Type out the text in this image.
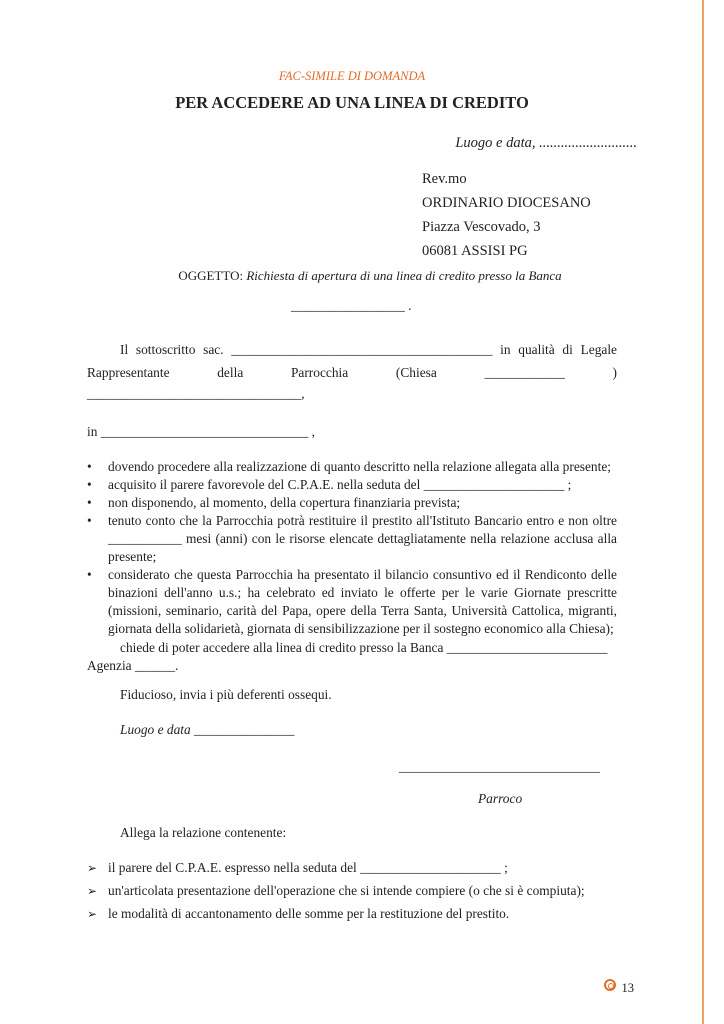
FAC-SIMILE DI DOMANDA
PER ACCEDERE AD UNA LINEA DI CREDITO
Luogo e data, ...........................
Rev.mo
ORDINARIO DIOCESANO
Piazza Vescovado, 3
06081 ASSISI PG
OGGETTO: Richiesta di apertura di una linea di credito presso la Banca
_________________ .
Il sottoscritto sac. _______________________________________ in qualità di Legale
Rappresentante della Parrocchia (Chiesa ____________ )
________________________________,
in _______________________________ ,
• dovendo procedere alla realizzazione di quanto descritto nella relazione allegata alla presente;
• acquisito il parere favorevole del C.P.A.E. nella seduta del _____________________ ;
• non disponendo, al momento, della copertura finanziaria prevista;
• tenuto conto che la Parrocchia potrà restituire il prestito all'Istituto Bancario entro e non oltre ___________ mesi (anni) con le risorse elencate dettagliatamente nella relazione acclusa alla presente;
• considerato che questa Parrocchia ha presentato il bilancio consuntivo ed il Rendiconto delle binazioni dell'anno u.s.; ha celebrato ed inviato le offerte per le varie Giornate prescritte (missioni, seminario, carità del Papa, opere della Terra Santa, Università Cattolica, migranti, giornata della solidarietà, giornata di sensibilizzazione per il sostegno economico alla Chiesa);
chiede di poter accedere alla linea di credito presso la Banca ________________________
Agenzia ______.
Fiducioso, invia i più deferenti ossequi.
Luogo e data _______________
______________________________
Parroco
Allega la relazione contenente:
➢ il parere del C.P.A.E. espresso nella seduta del _____________________ ;
➢ un'articolata presentazione dell'operazione che si intende compiere (o che si è compiuta);
➢ le modalità di accantonamento delle somme per la restituzione del prestito.
13
